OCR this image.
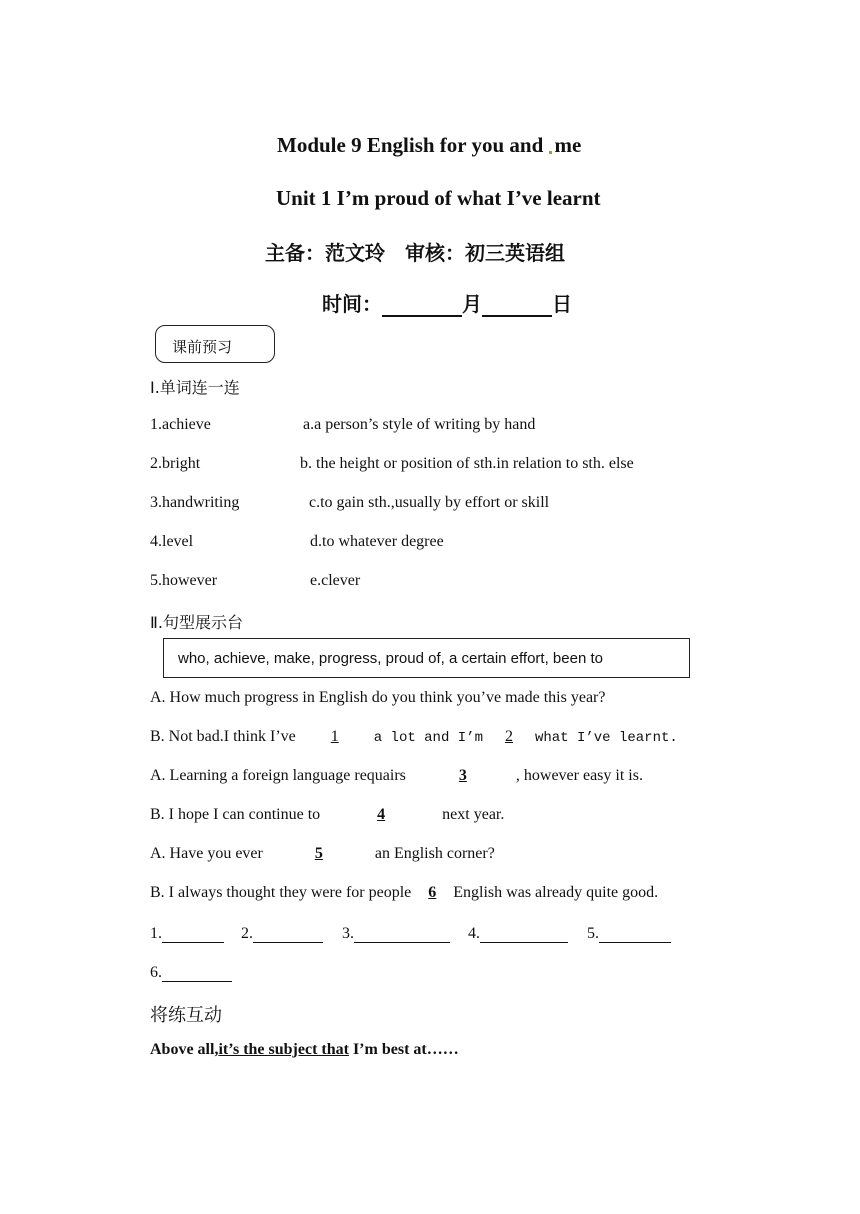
Module 9 English for you and me
Unit 1 I’m proud of what I’ve learnt
主备：范文玲　审核：初三英语组
时间：	月	日
课前预习
Ⅰ.单词连一连
1.achieve	a.a person’s style of writing by hand
2.bright	b. the height or position of sth.in relation to sth. else
3.handwriting	c.to gain sth.,usually by effort or skill
4.level	d.to whatever degree
5.however	e.clever
Ⅱ.句型展示台
who, achieve, make, progress, proud of, a certain effort, been to
A. How much progress in English do you think you’ve made this year?
B. Not bad.I think I’ve 1	a lot and I’m 2 what I’ve learnt.
A. Learning a foreign language requairs	3	, however easy it is.
B. I hope I can continue to	4	next year.
A. Have you ever	5	an English corner?
B. I always thought they were for people 6 English was already quite good.
1.	2.	3.	4.	5.
6.
将练互动
Above all,it’s the subject that I’m best at……
